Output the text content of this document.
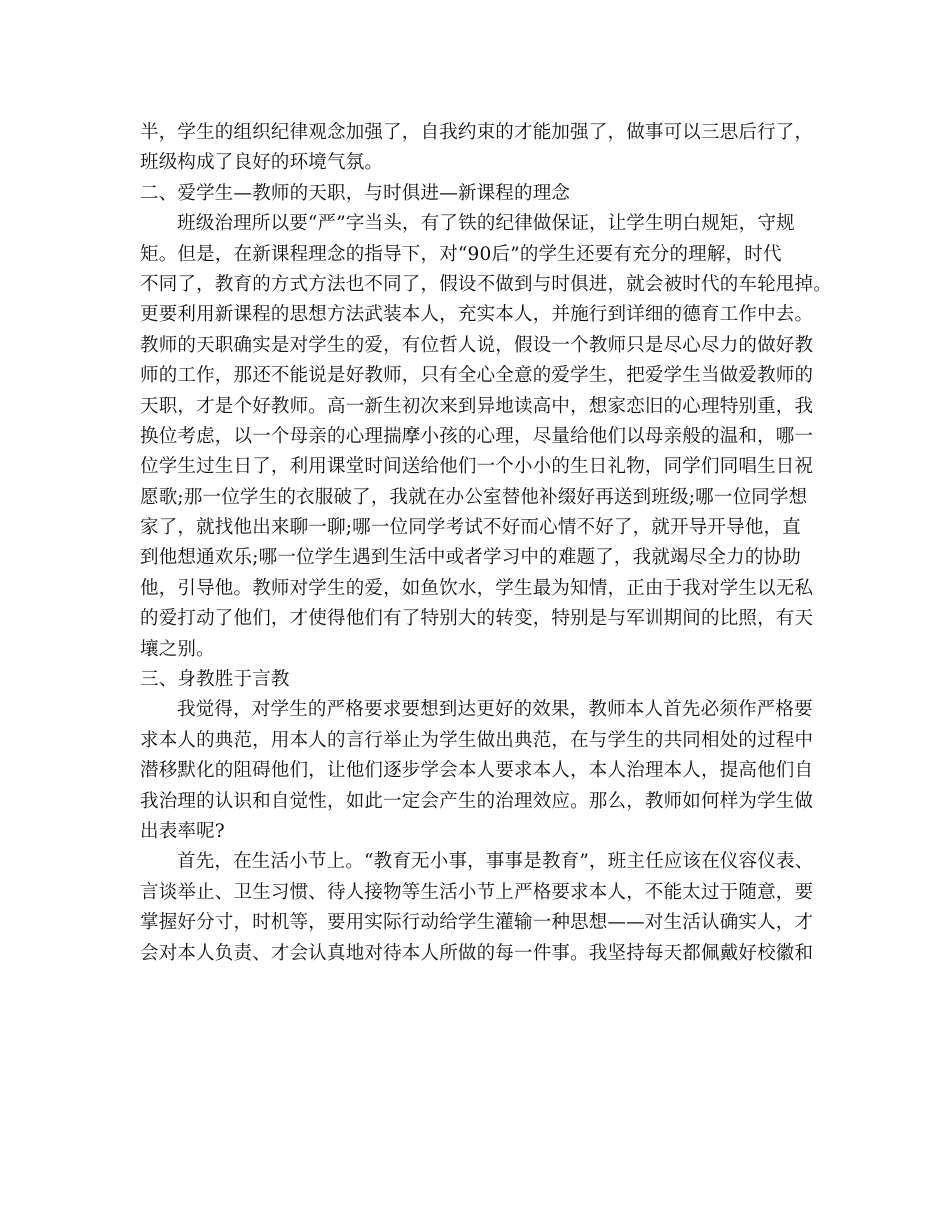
半，学生的组织纪律观念加强了，自我约束的才能加强了，做事可以三思后行了，
班级构成了良好的环境气氛。
二、爱学生—教师的天职，与时俱进—新课程的理念
班级治理所以要“严”字当头，有了铁的纪律做保证，让学生明白规矩，守规
矩。但是，在新课程理念的指导下，对“90后”的学生还要有充分的理解，时代
不同了，教育的方式方法也不同了，假设不做到与时俱进，就会被时代的车轮甩掉。
更要利用新课程的思想方法武装本人，充实本人，并施行到详细的德育工作中去。
教师的天职确实是对学生的爱，有位哲人说，假设一个教师只是尽心尽力的做好教
师的工作，那还不能说是好教师，只有全心全意的爱学生，把爱学生当做爱教师的
天职，才是个好教师。高一新生初次来到异地读高中，想家恋旧的心理特别重，我
换位考虑，以一个母亲的心理揣摩小孩的心理，尽量给他们以母亲般的温和，哪一
位学生过生日了，利用课堂时间送给他们一个小小的生日礼物，同学们同唱生日祝
愿歌;那一位学生的衣服破了，我就在办公室替他补缀好再送到班级;哪一位同学想
家了，就找他出来聊一聊;哪一位同学考试不好而心情不好了，就开导开导他，直
到他想通欢乐;哪一位学生遇到生活中或者学习中的难题了，我就竭尽全力的协助
他，引导他。教师对学生的爱，如鱼饮水，学生最为知情，正由于我对学生以无私
的爱打动了他们，才使得他们有了特别大的转变，特别是与军训期间的比照，有天
壤之别。
三、身教胜于言教
我觉得，对学生的严格要求要想到达更好的效果，教师本人首先必须作严格要
求本人的典范，用本人的言行举止为学生做出典范，在与学生的共同相处的过程中
潜移默化的阻碍他们，让他们逐步学会本人要求本人，本人治理本人，提高他们自
我治理的认识和自觉性，如此一定会产生的治理效应。那么，教师如何样为学生做
出表率呢?
首先，在生活小节上。“教育无小事，事事是教育”，班主任应该在仪容仪表、
言谈举止、卫生习惯、待人接物等生活小节上严格要求本人，不能太过于随意，要
掌握好分寸，时机等，要用实际行动给学生灌输一种思想——对生活认确实人，才
会对本人负责、才会认真地对待本人所做的每一件事。我坚持每天都佩戴好校徽和
